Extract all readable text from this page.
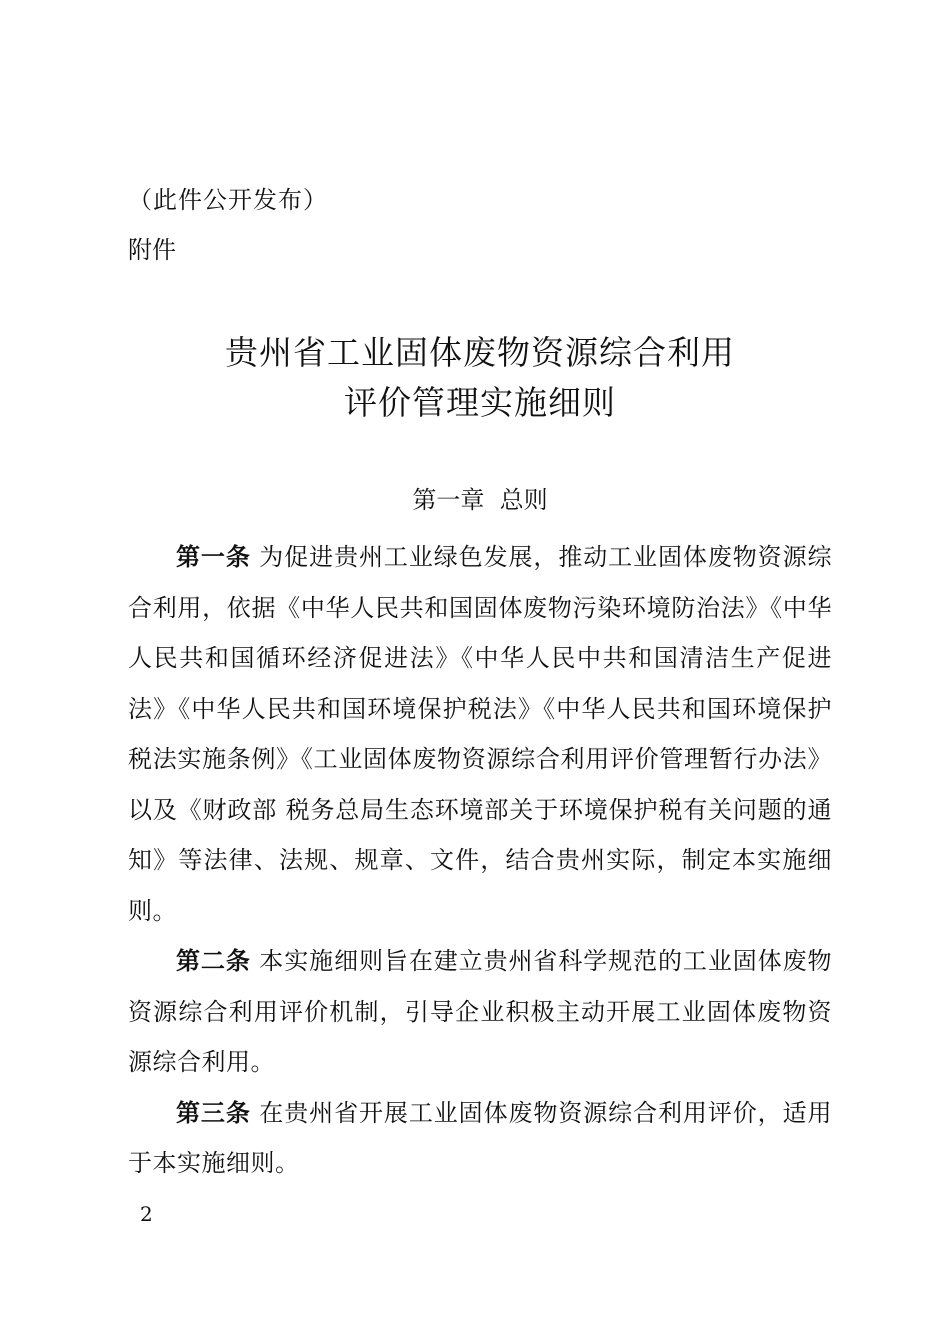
（此件公开发布）
附件
贵州省工业固体废物资源综合利用
评价管理实施细则
第一章  总则

第一条 为促进贵州工业绿色发展，推动工业固体废物资源综合利用，依据《中华人民共和国固体废物污染环境防治法》《中华人民共和国循环经济促进法》《中华人民中共和国清洁生产促进法》《中华人民共和国环境保护税法》《中华人民共和国环境保护税法实施条例》《工业固体废物资源综合利用评价管理暂行办法》以及《财政部 税务总局生态环境部关于环境保护税有关问题的通知》等法律、法规、规章、文件，结合贵州实际，制定本实施细则。

第二条 本实施细则旨在建立贵州省科学规范的工业固体废物资源综合利用评价机制，引导企业积极主动开展工业固体废物资源综合利用。

第三条 在贵州省开展工业固体废物资源综合利用评价，适用于本实施细则。

2
